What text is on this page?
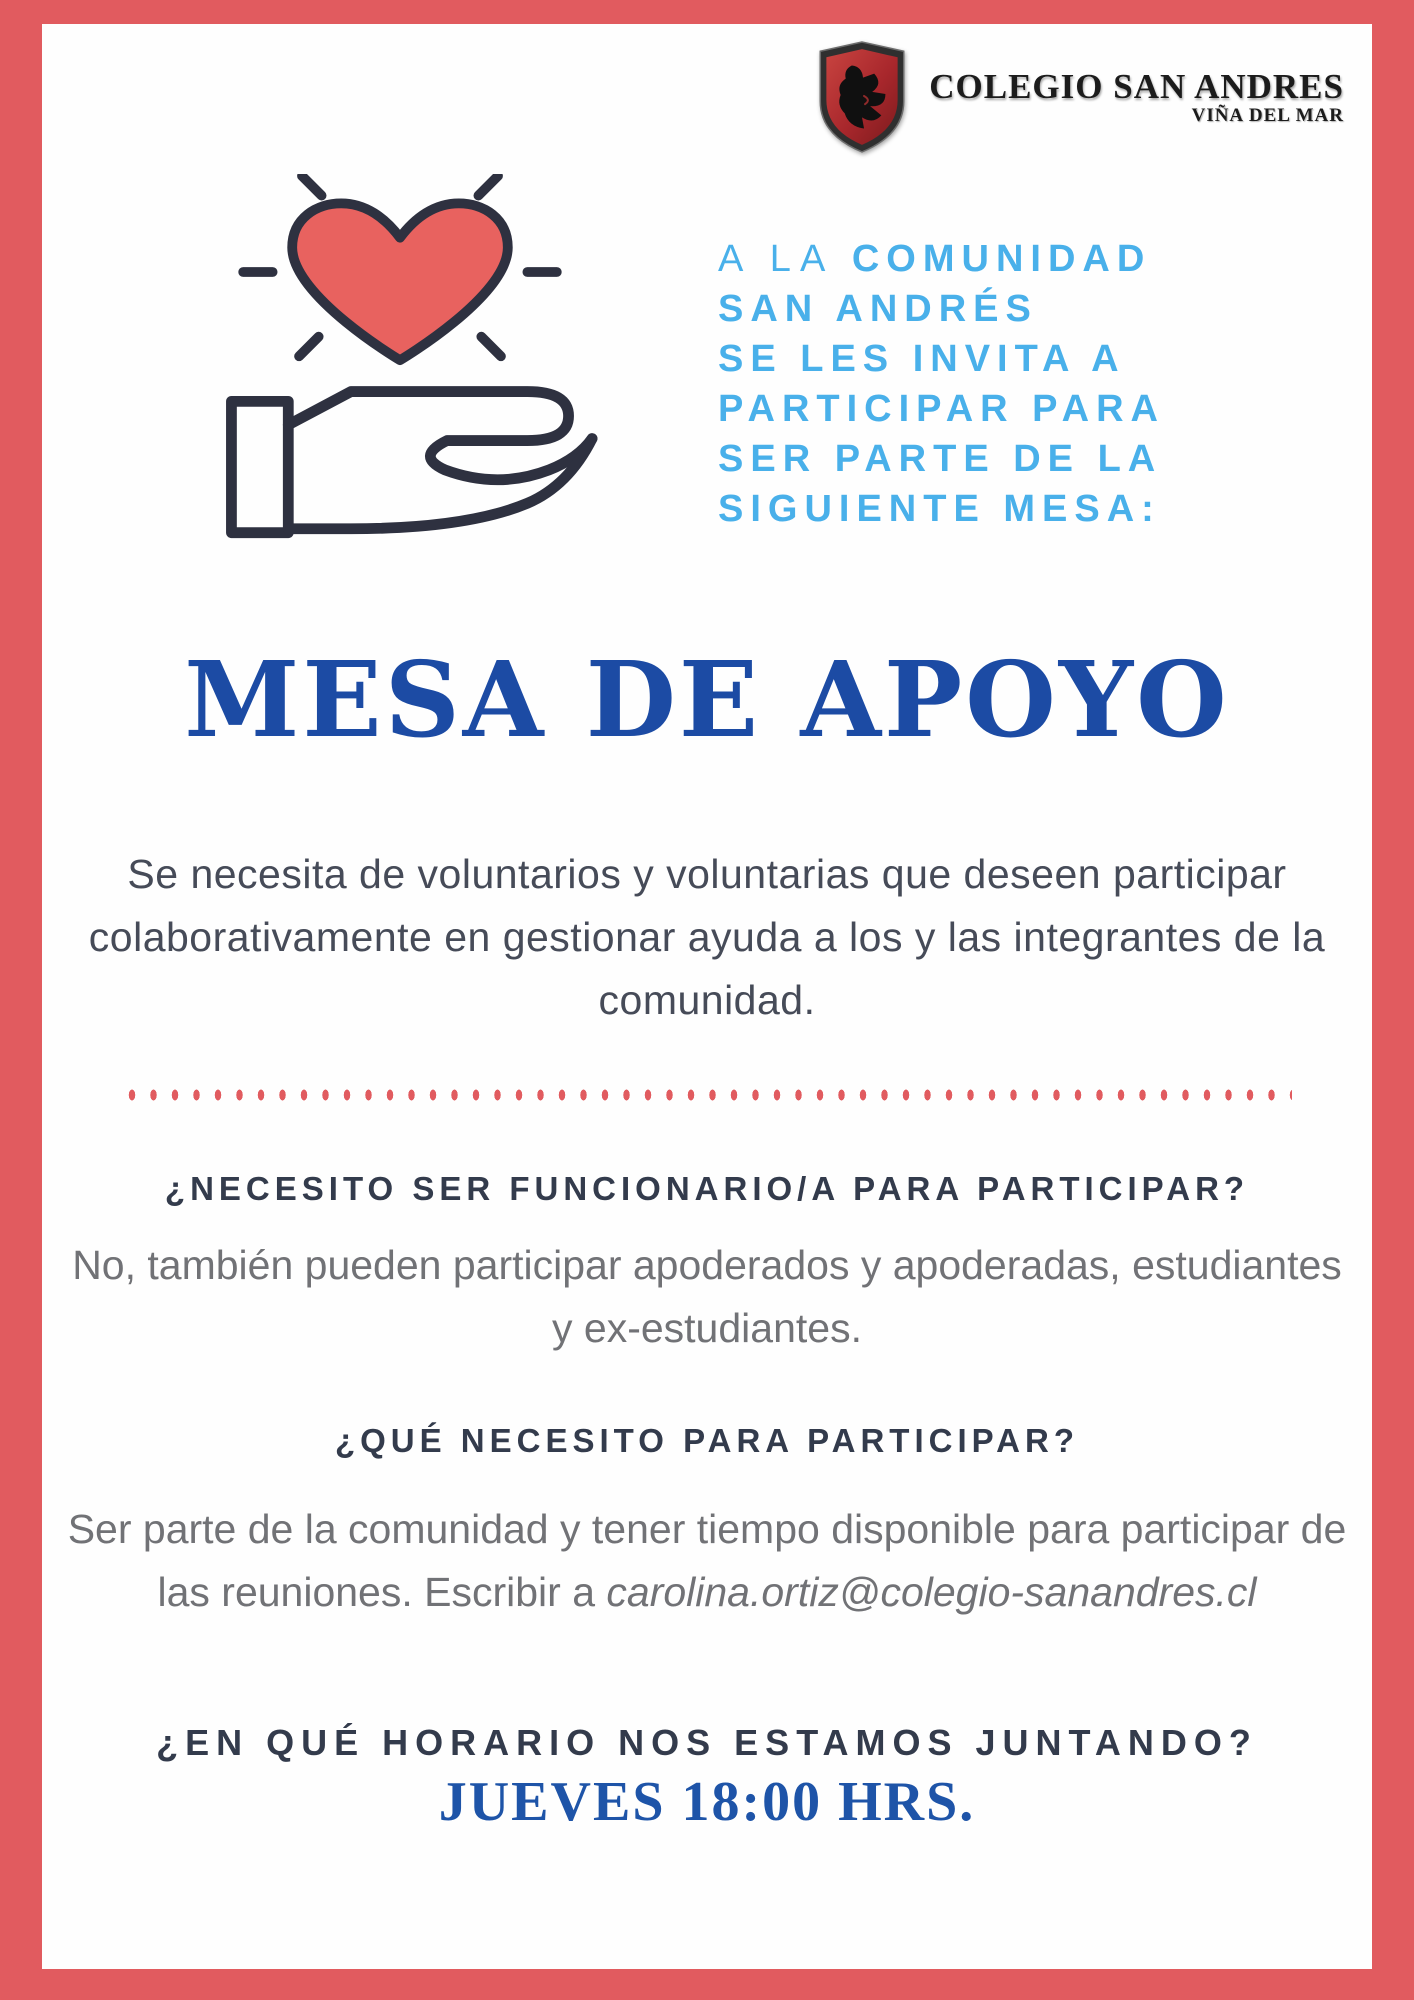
COLEGIO SAN ANDRES
VIÑA DEL MAR
A LA COMUNIDAD
SAN ANDRÉS
SE LES INVITA A
PARTICIPAR PARA
SER PARTE DE LA
SIGUIENTE MESA:
MESA DE APOYO
Se necesita de voluntarios y voluntarias que deseen participar colaborativamente en gestionar ayuda a los y las integrantes de la comunidad.
¿NECESITO SER FUNCIONARIO/A PARA PARTICIPAR?
No, también pueden participar apoderados y apoderadas, estudiantes y ex-estudiantes.
¿QUÉ NECESITO PARA PARTICIPAR?
Ser parte de la comunidad y tener tiempo disponible para participar de las reuniones. Escribir a carolina.ortiz@colegio-sanandres.cl
¿EN QUÉ HORARIO NOS ESTAMOS JUNTANDO?
JUEVES 18:00 HRS.
